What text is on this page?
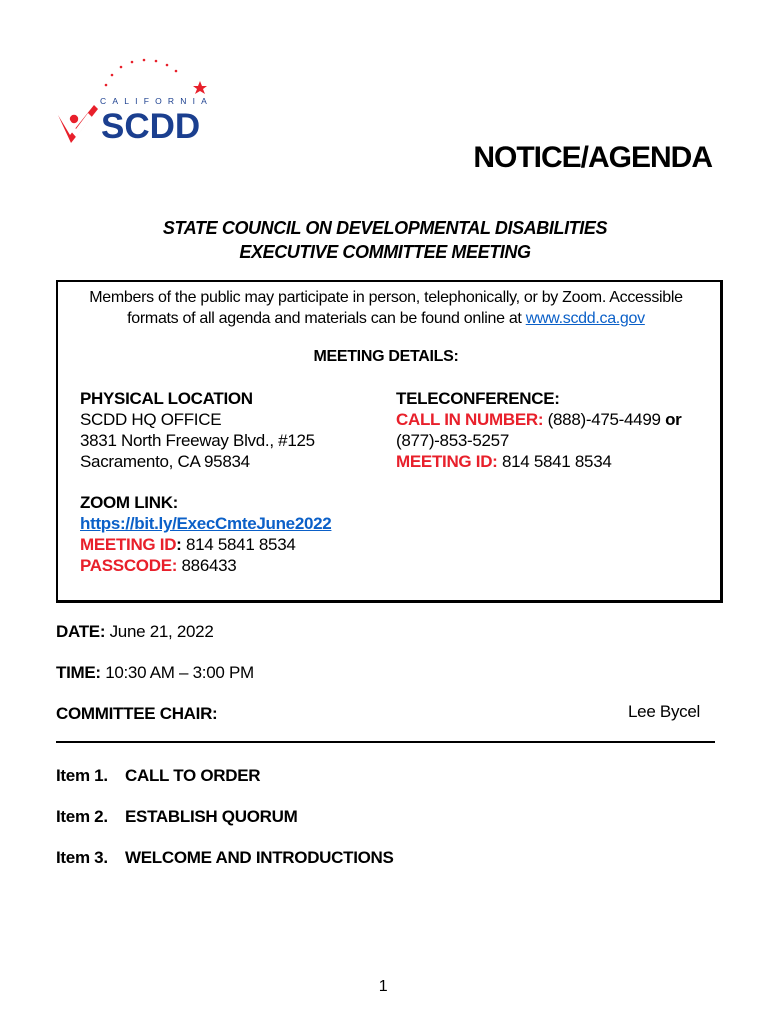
CALIFORNIA
SCDD
NOTICE/AGENDA
STATE COUNCIL ON DEVELOPMENTAL DISABILITIES
EXECUTIVE COMMITTEE MEETING
Members of the public may participate in person, telephonically, or by Zoom. Accessible
formats of all agenda and materials can be found online at www.scdd.ca.gov
MEETING DETAILS:
PHYSICAL LOCATION
SCDD HQ OFFICE
3831 North Freeway Blvd., #125
Sacramento, CA 95834
TELECONFERENCE:
CALL IN NUMBER: (888)-475-4499 or
(877)-853-5257
MEETING ID: 814 5841 8534
ZOOM LINK:
https://bit.ly/ExecCmteJune2022
MEETING ID: 814 5841 8534
PASSCODE: 886433
DATE: June 21, 2022
TIME: 10:30 AM – 3:00 PM
COMMITTEE CHAIR:	Lee Bycel
Item 1. CALL TO ORDER
Item 2. ESTABLISH QUORUM
Item 3. WELCOME AND INTRODUCTIONS
1
